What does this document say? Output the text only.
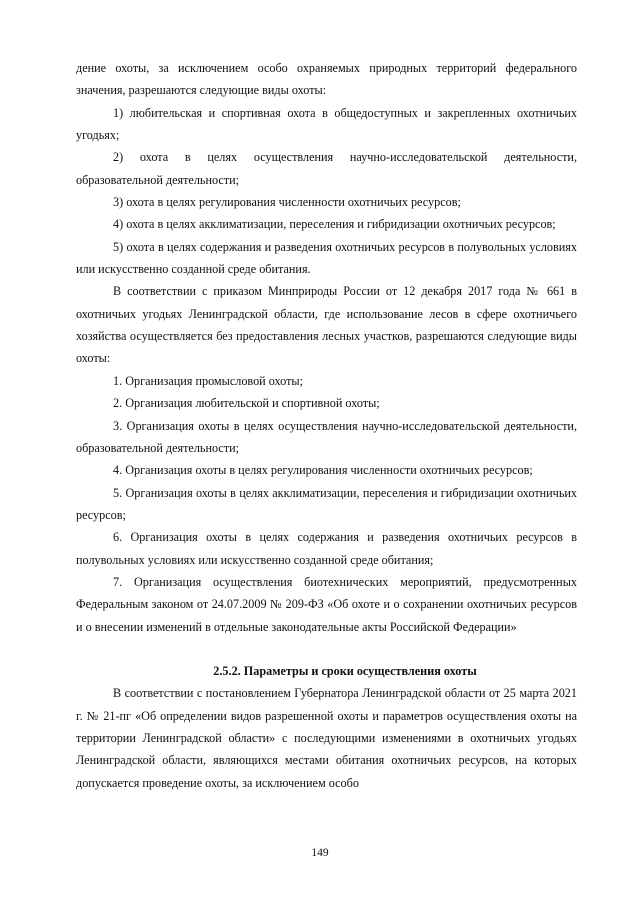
дение охоты, за исключением особо охраняемых природных территорий федерального значения, разрешаются следующие виды охоты:

1) любительская и спортивная охота в общедоступных и закрепленных охотничьих угодьях;

2) охота в целях осуществления научно-исследовательской деятельности, образовательной деятельности;

3) охота в целях регулирования численности охотничьих ресурсов;

4) охота в целях акклиматизации, переселения и гибридизации охотничьих ресурсов;

5) охота в целях содержания и разведения охотничьих ресурсов в полувольных условиях или искусственно созданной среде обитания.

В соответствии с приказом Минприроды России от 12 декабря 2017 года № 661 в охотничьих угодьях Ленинградской области, где использование лесов в сфере охотничьего хозяйства осуществляется без предоставления лесных участков, разрешаются следующие виды охоты:

1. Организация промысловой охоты;

2. Организация любительской и спортивной охоты;

3. Организация охоты в целях осуществления научно-исследовательской деятельности, образовательной деятельности;

4. Организация охоты в целях регулирования численности охотничьих ресурсов;

5. Организация охоты в целях акклиматизации, переселения и гибридизации охотничьих ресурсов;

6. Организация охоты в целях содержания и разведения охотничьих ресурсов в полувольных условиях или искусственно созданной среде обитания;

7. Организация осуществления биотехнических мероприятий, предусмотренных Федеральным законом от 24.07.2009 № 209-ФЗ «Об охоте и о сохранении охотничьих ресурсов и о внесении изменений в отдельные законодательные акты Российской Федерации»

2.5.2. Параметры и сроки осуществления охоты

В соответствии с постановлением Губернатора Ленинградской области от 25 марта 2021 г. № 21-пг «Об определении видов разрешенной охоты и параметров осуществления охоты на территории Ленинградской области» с последующими изменениями в охотничьих угодьях Ленинградской области, являющихся местами обитания охотничьих ресурсов, на которых допускается проведение охоты, за исключением особо

149
